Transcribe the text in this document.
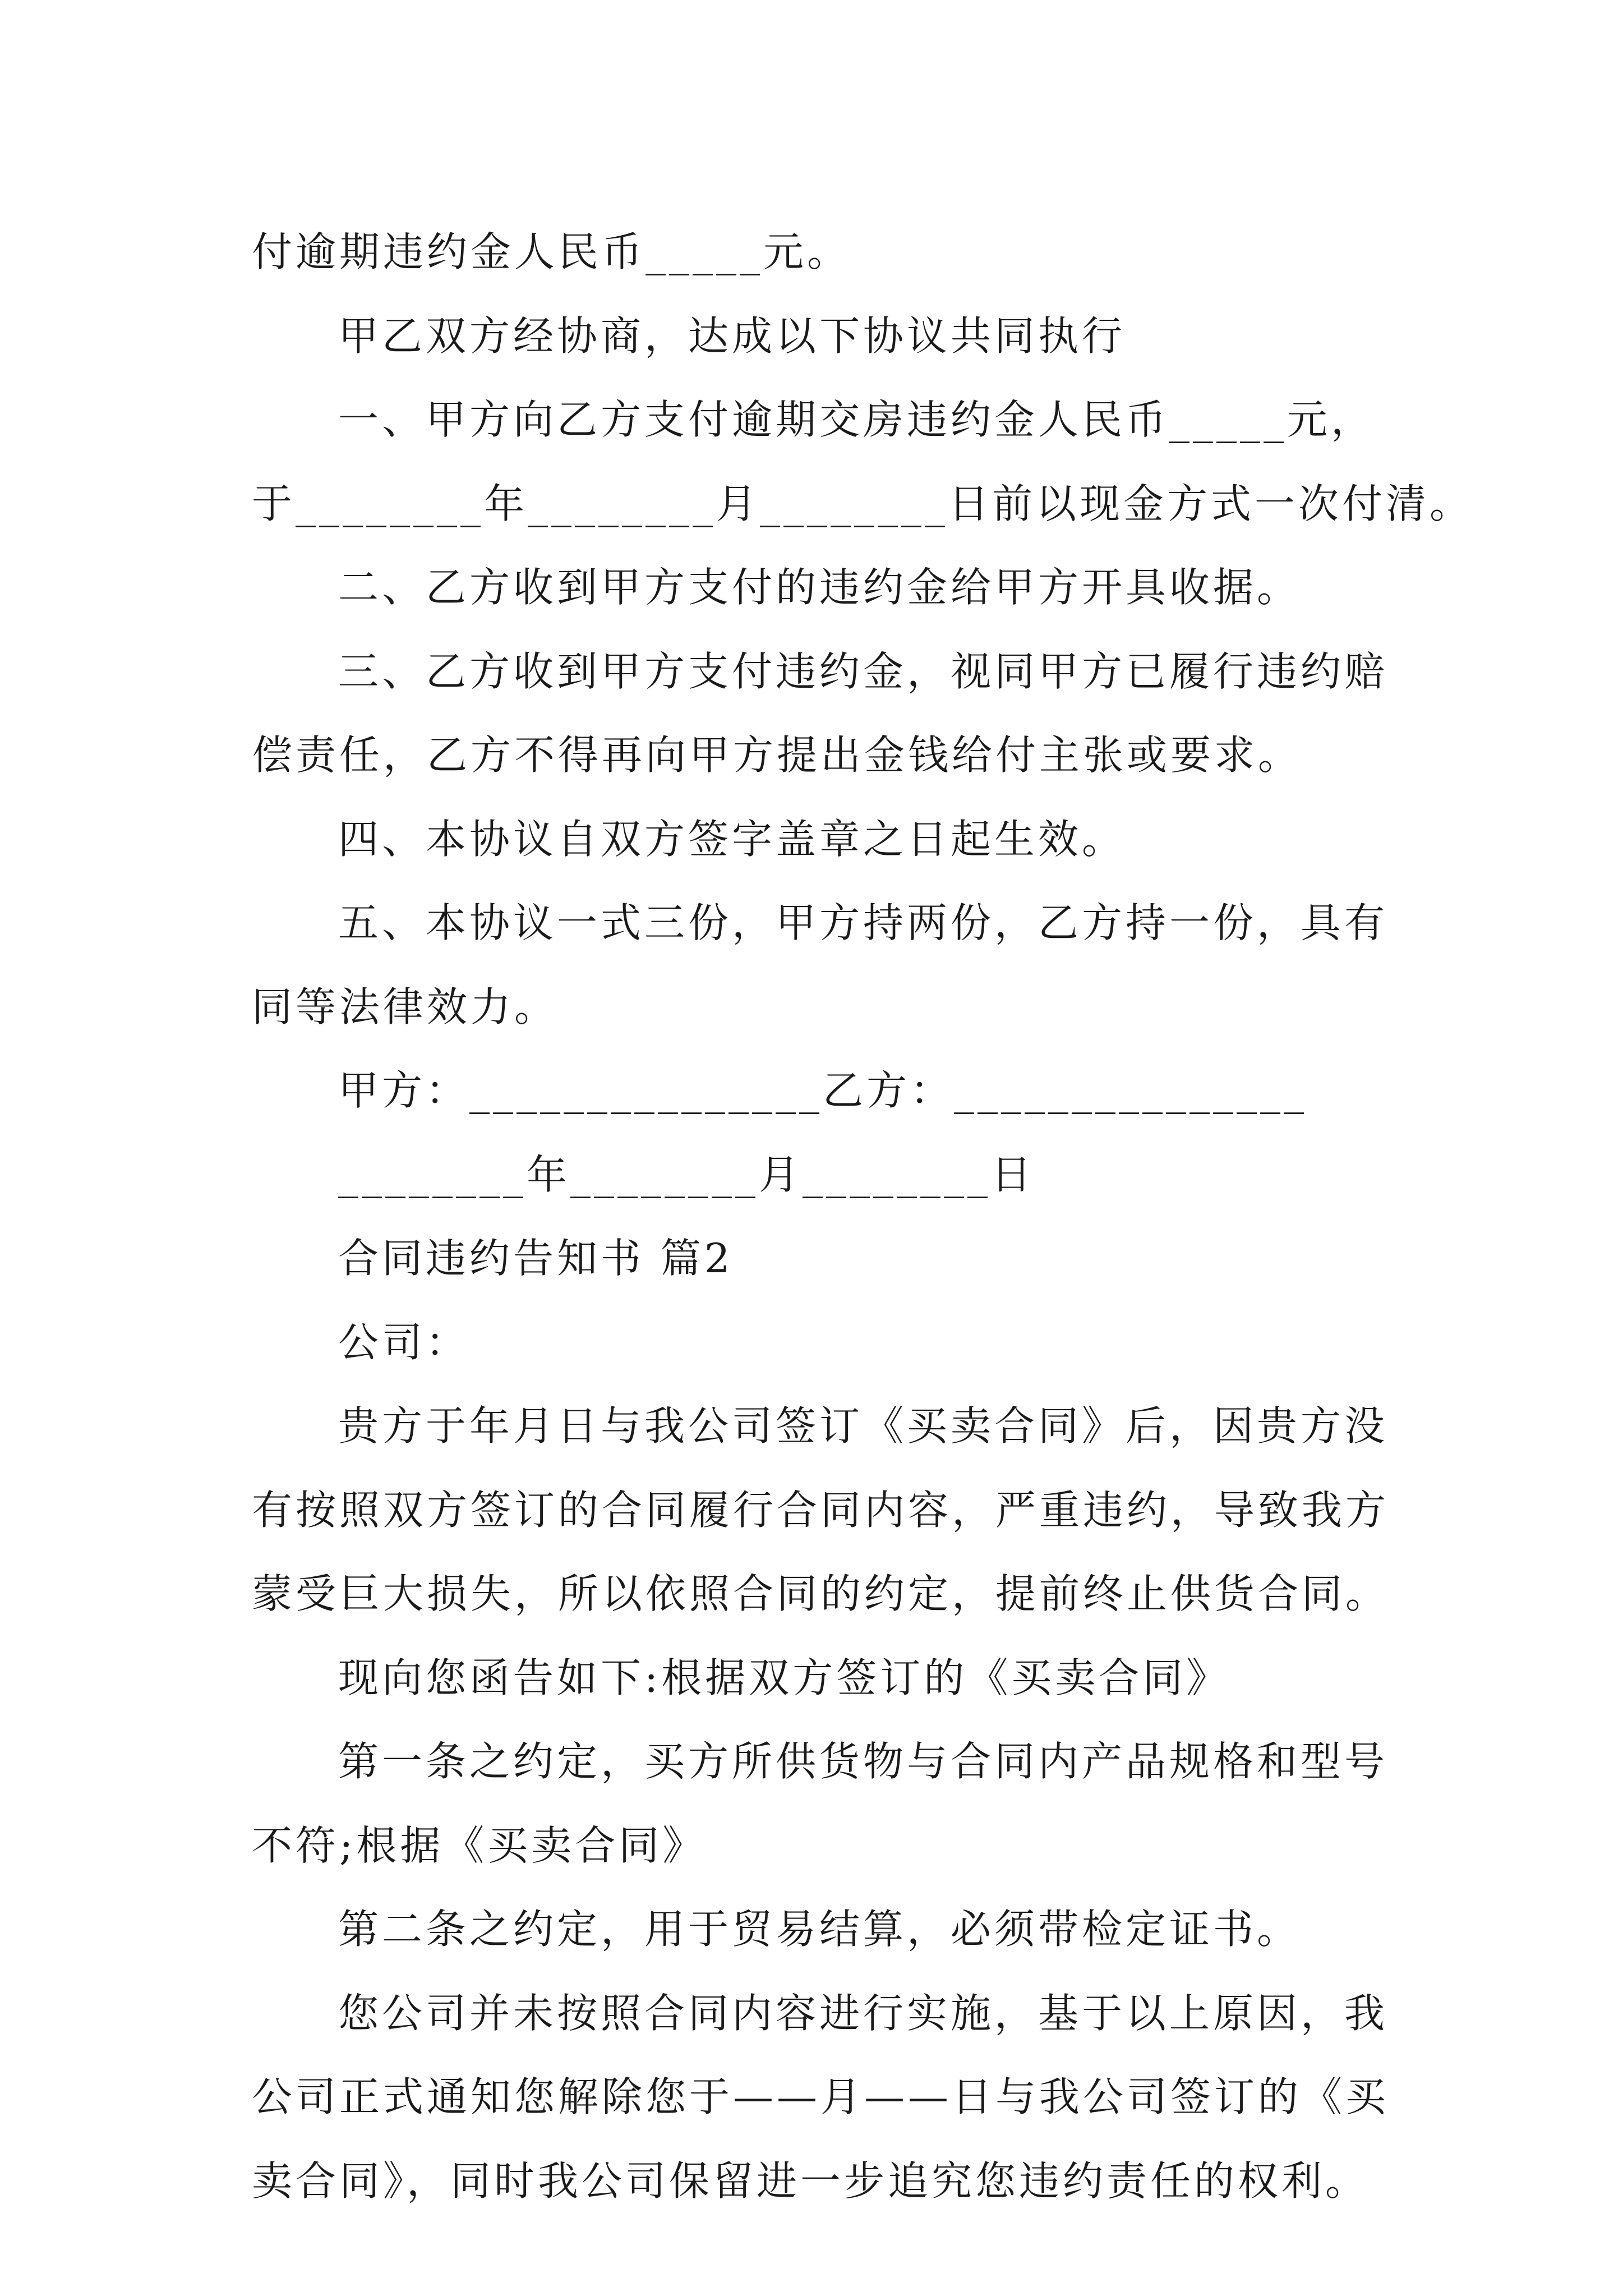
付逾期违约金人民币_____元。
甲乙双方经协商，达成以下协议共同执行
一、甲方向乙方支付逾期交房违约金人民币_____元，
于________年________月________日前以现金方式一次付清。
二、乙方收到甲方支付的违约金给甲方开具收据。
三、乙方收到甲方支付违约金，视同甲方已履行违约赔
偿责任，乙方不得再向甲方提出金钱给付主张或要求。
四、本协议自双方签字盖章之日起生效。
五、本协议一式三份，甲方持两份，乙方持一份，具有
同等法律效力。
甲方：_______________乙方：_______________
________年________月________日
合同违约告知书 篇2
公司：
贵方于年月日与我公司签订《买卖合同》后，因贵方没
有按照双方签订的合同履行合同内容，严重违约，导致我方
蒙受巨大损失，所以依照合同的约定，提前终止供货合同。
现向您函告如下:根据双方签订的《买卖合同》
第一条之约定，买方所供货物与合同内产品规格和型号
不符;根据《买卖合同》
第二条之约定，用于贸易结算，必须带检定证书。
您公司并未按照合同内容进行实施，基于以上原因，我
公司正式通知您解除您于——月——日与我公司签订的《买
卖合同》，同时我公司保留进一步追究您违约责任的权利。
